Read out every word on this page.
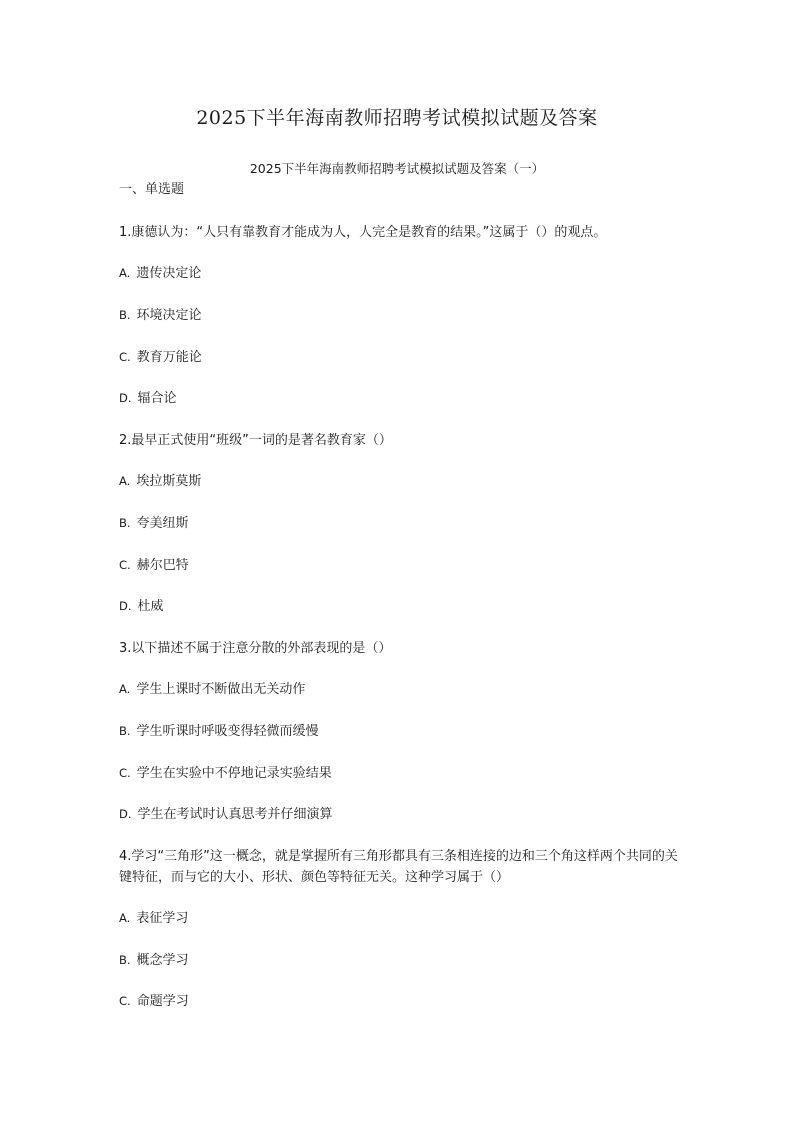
2025下半年海南教师招聘考试模拟试题及答案
2025下半年海南教师招聘考试模拟试题及答案（一）
一、单选题
1.康德认为：“人只有靠教育才能成为人，人完全是教育的结果。”这属于（）的观点。
A. 遗传决定论
B. 环境决定论
C. 教育万能论
D. 辐合论
2.最早正式使用“班级”一词的是著名教育家（）
A. 埃拉斯莫斯
B. 夸美纽斯
C. 赫尔巴特
D. 杜威
3.以下描述不属于注意分散的外部表现的是（）
A. 学生上课时不断做出无关动作
B. 学生听课时呼吸变得轻微而缓慢
C. 学生在实验中不停地记录实验结果
D. 学生在考试时认真思考并仔细演算
4.学习“三角形”这一概念，就是掌握所有三角形都具有三条相连接的边和三个角这样两个共同的关键特征，而与它的大小、形状、颜色等特征无关。这种学习属于（）
A. 表征学习
B. 概念学习
C. 命题学习
